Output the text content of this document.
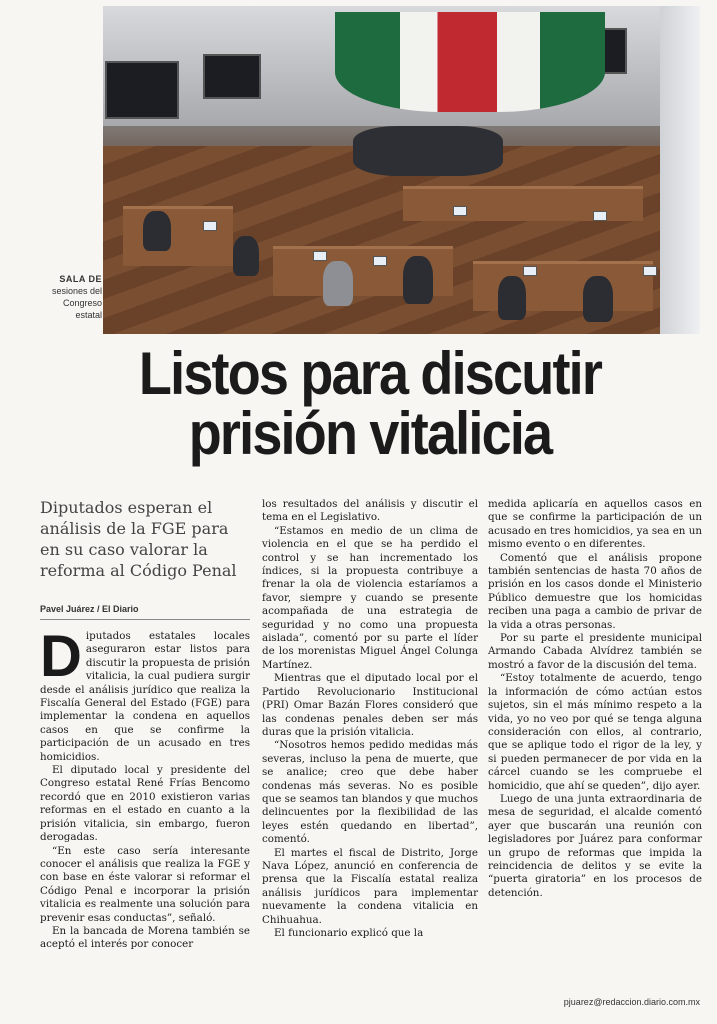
SALA DE
sesiones del Congreso estatal
Listos para discutir
prisión vitalicia
Diputados esperan el análisis de la FGE para en su caso valorar la reforma al Código Penal
Pavel Juárez / El Diario

Diputados estatales locales aseguraron estar listos para discutir la propuesta de prisión vitalicia, la cual pudiera surgir desde el análisis jurídico que realiza la Fiscalía General del Estado (FGE) para implementar la condena en aquellos casos en que se confirme la participación de un acusado en tres homicidios.

El diputado local y presidente del Congreso estatal René Frías Bencomo recordó que en 2010 existieron varias reformas en el estado en cuanto a la prisión vitalicia, sin embargo, fueron derogadas.

“En este caso sería interesante conocer el análisis que realiza la FGE y con base en éste valorar si reformar el Código Penal e incorporar la prisión vitalicia es realmente una solución para prevenir esas conductas”, señaló.

En la bancada de Morena también se aceptó el interés por conocer

los resultados del análisis y discutir el tema en el Legislativo.

“Estamos en medio de un clima de violencia en el que se ha perdido el control y se han incrementado los índices, si la propuesta contribuye a frenar la ola de violencia estaríamos a favor, siempre y cuando se presente acompañada de una estrategia de seguridad y no como una propuesta aislada”, comentó por su parte el líder de los morenistas Miguel Ángel Colunga Martínez.

Mientras que el diputado local por el Partido Revolucionario Institucional (PRI) Omar Bazán Flores consideró que las condenas penales deben ser más duras que la prisión vitalicia.

“Nosotros hemos pedido medidas más severas, incluso la pena de muerte, que se analice; creo que debe haber condenas más severas. No es posible que se seamos tan blandos y que muchos delincuentes por la flexibilidad de las leyes estén quedando en libertad”, comentó.

El martes el fiscal de Distrito, Jorge Nava López, anunció en conferencia de prensa que la Fiscalía estatal realiza análisis jurídicos para implementar nuevamente la condena vitalicia en Chihuahua.

El funcionario explicó que la

medida aplicaría en aquellos casos en que se confirme la participación de un acusado en tres homicidios, ya sea en un mismo evento o en diferentes.

Comentó que el análisis propone también sentencias de hasta 70 años de prisión en los casos donde el Ministerio Público demuestre que los homicidas reciben una paga a cambio de privar de la vida a otras personas.

Por su parte el presidente municipal Armando Cabada Alvídrez también se mostró a favor de la discusión del tema.

“Estoy totalmente de acuerdo, tengo la información de cómo actúan estos sujetos, sin el más mínimo respeto a la vida, yo no veo por qué se tenga alguna consideración con ellos, al contrario, que se aplique todo el rigor de la ley, y si pueden permanecer de por vida en la cárcel cuando se les compruebe el homicidio, que ahí se queden”, dijo ayer.

Luego de una junta extraordinaria de mesa de seguridad, el alcalde comentó ayer que buscarán una reunión con legisladores por Juárez para conformar un grupo de reformas que impida la reincidencia de delitos y se evite la “puerta giratoria” en los procesos de detención.

pjuarez@redaccion.diario.com.mx
